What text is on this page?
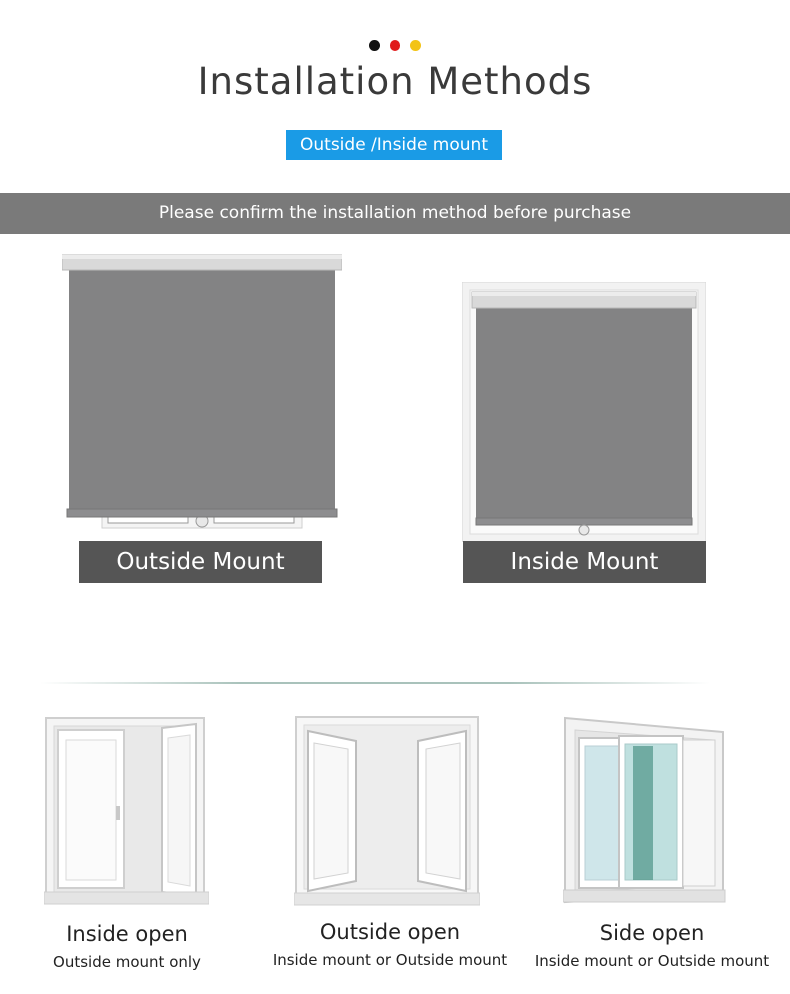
Installation Methods
Outside /Inside mount
Please confirm the installation method before purchase
Outside Mount	Inside Mount
Inside open
Outside mount only
Outside open
Inside mount or Outside mount
Side open
Inside mount or Outside mount
